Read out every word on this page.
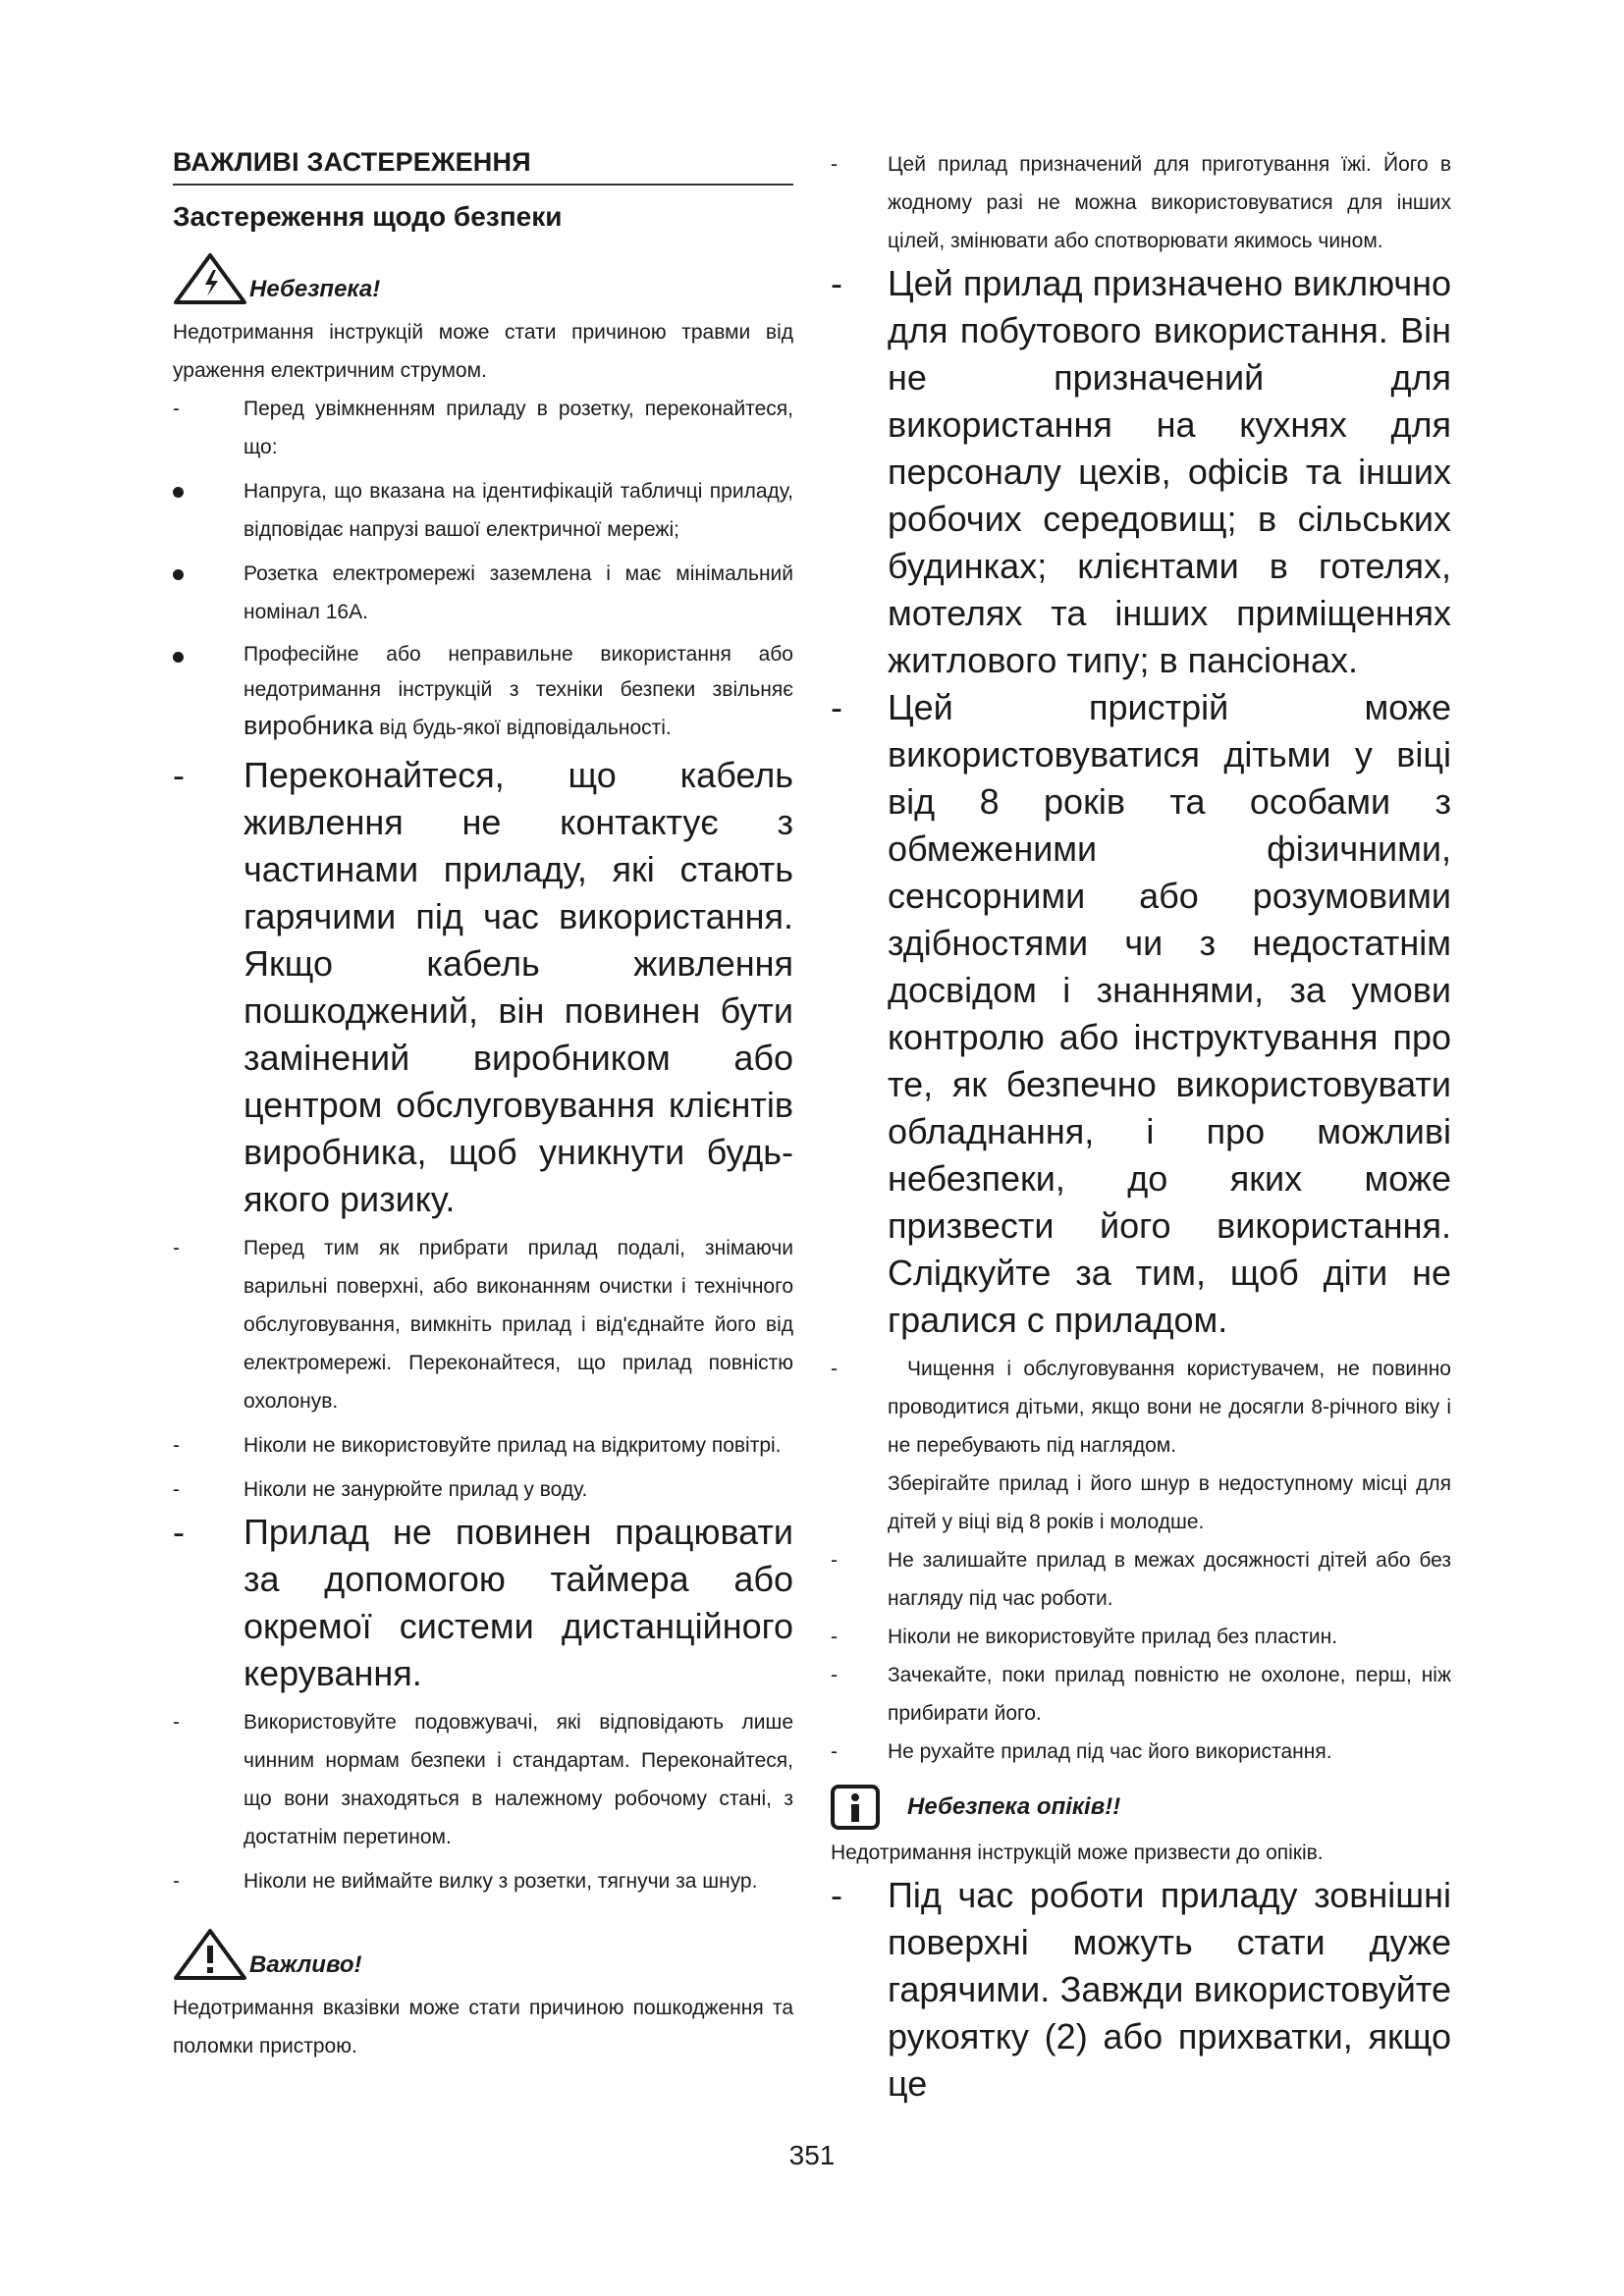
ВАЖЛИВІ ЗАСТЕРЕЖЕННЯ
Застереження щодо безпеки
Небезпека!

Недотримання інструкцій може стати причиною травми від ураження електричним струмом.

-	Перед увімкненням приладу в розетку, переконайтеся, що:
Напруга, що вказана на ідентифікацій табличці приладу, відповідає напрузі вашої електричної мережі;
Розетка електромережі заземлена і має мінімальний номінал 16А.
Професійне або неправильне використання або недотримання інструкцій з техніки безпеки звільняє виробника від будь-якої відповідальності.
-	Переконайтеся, що кабель живлення не контактує з частинами приладу, які стають гарячими під час використання. Якщо кабель живлення пошкоджений, він повинен бути замінений виробником або центром обслуговування клієнтів виробника, щоб уникнути будь-якого ризику.
-	Перед тим як прибрати прилад подалі, знімаючи варильні поверхні, або виконанням очистки і технічного обслуговування, вимкніть прилад і від'єднайте його від електромережі. Переконайтеся, що прилад повністю охолонув.
-	Ніколи не використовуйте прилад на відкритому повітрі.
-	Ніколи не занурюйте прилад у воду.
-	Прилад не повинен працювати за допомогою таймера або окремої системи дистанційного керування.
-	Використовуйте подовжувачі, які відповідають лише чинним нормам безпеки і стандартам. Переконайтеся, що вони знаходяться в належному робочому стані, з достатнім перетином.
-	Ніколи не виймайте вилку з розетки, тягнучи за шнур.
Важливо!

Недотримання вказівки може стати причиною пошкодження та поломки пристрою.

-	Цей прилад призначений для приготування їжі. Його в жодному разі не можна використовуватися для інших цілей, змінювати або спотворювати якимось чином.
-	Цей прилад призначено виключно для побутового використання. Він не призначений для використання на кухнях для персоналу цехів, офісів та інших робочих середовищ; в сільських будинках; клієнтами в готелях, мотелях та інших приміщеннях житлового типу; в пансіонах.
-	Цей пристрій може використовуватися дітьми у віці від 8 років та особами з обмеженими фізичними, сенсорними або розумовими здібностями чи з недостатнім досвідом і знаннями, за умови контролю або інструктування про те, як безпечно використовувати обладнання, і про можливі небезпеки, до яких може призвести його використання. Слідкуйте за тим, щоб діти не гралися с приладом.
-	Чищення і обслуговування користувачем, не повинно проводитися дітьми, якщо вони не досягли 8-річного віку і не перебувають під наглядом.
Зберігайте прилад і його шнур в недоступному місці для дітей у віці від 8 років і молодше.
-	Не залишайте прилад в межах досяжності дітей або без нагляду під час роботи.
-	Ніколи не використовуйте прилад без пластин.
-	Зачекайте, поки прилад повністю не охолоне, перш, ніж прибирати його.
-	Не рухайте прилад під час його використання.
Небезпека опіків!!

Недотримання інструкцій може призвести до опіків.

-	Під час роботи приладу зовнішні поверхні можуть стати дуже гарячими. Завжди використовуйте рукоятку (2) або прихватки, якщо це
351
